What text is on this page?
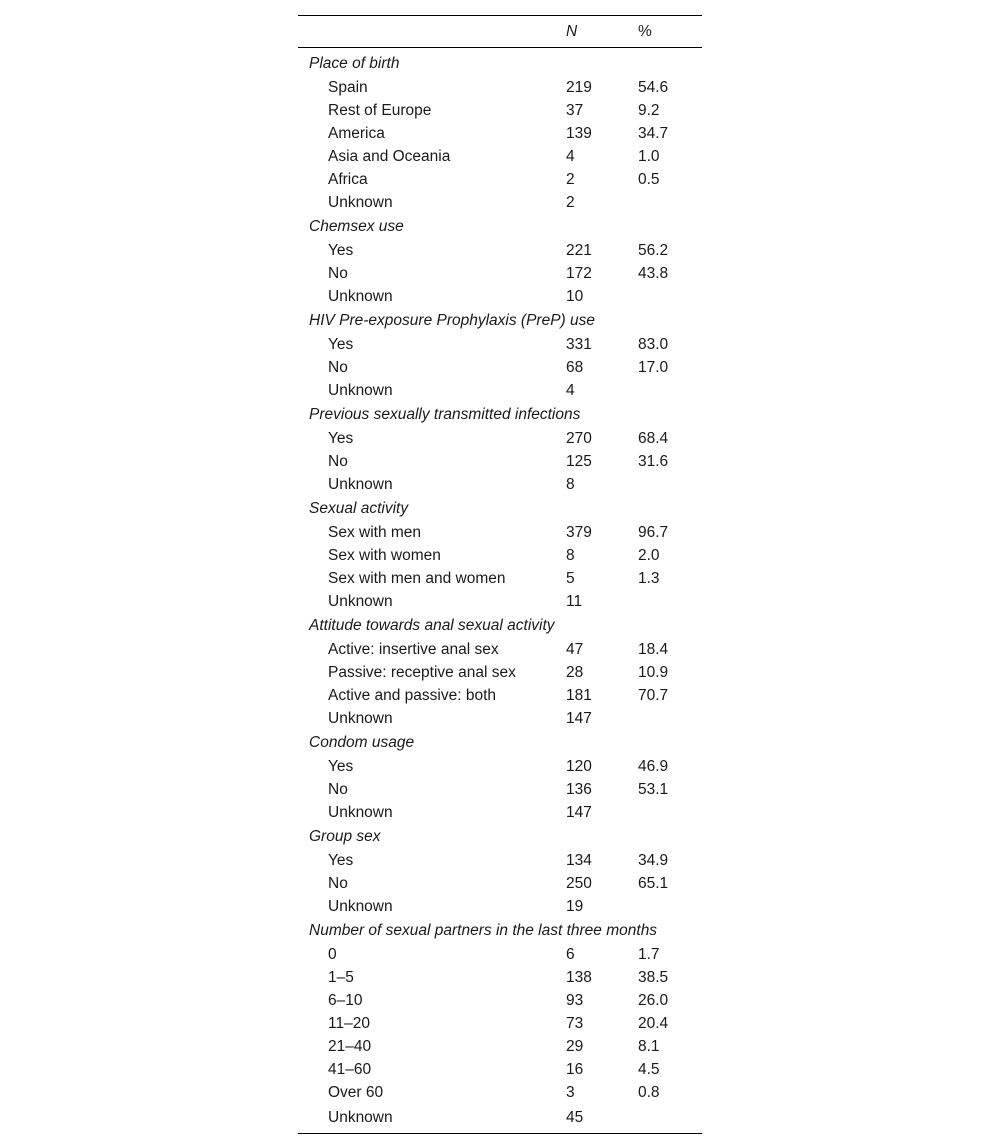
	N	%
Place of birth		
Spain	219	54.6
Rest of Europe	37	9.2
America	139	34.7
Asia and Oceania	4	1.0
Africa	2	0.5
Unknown	2	
Chemsex use		
Yes	221	56.2
No	172	43.8
Unknown	10	
HIV Pre-exposure Prophylaxis (PreP) use		
Yes	331	83.0
No	68	17.0
Unknown	4	
Previous sexually transmitted infections		
Yes	270	68.4
No	125	31.6
Unknown	8	
Sexual activity		
Sex with men	379	96.7
Sex with women	8	2.0
Sex with men and women	5	1.3
Unknown	11	
Attitude towards anal sexual activity		
Active: insertive anal sex	47	18.4
Passive: receptive anal sex	28	10.9
Active and passive: both	181	70.7
Unknown	147	
Condom usage		
Yes	120	46.9
No	136	53.1
Unknown	147	
Group sex		
Yes	134	34.9
No	250	65.1
Unknown	19	
Number of sexual partners in the last three months		
0	6	1.7
1–5	138	38.5
6–10	93	26.0
11–20	73	20.4
21–40	29	8.1
41–60	16	4.5
Over 60	3	0.8
Unknown	45	
